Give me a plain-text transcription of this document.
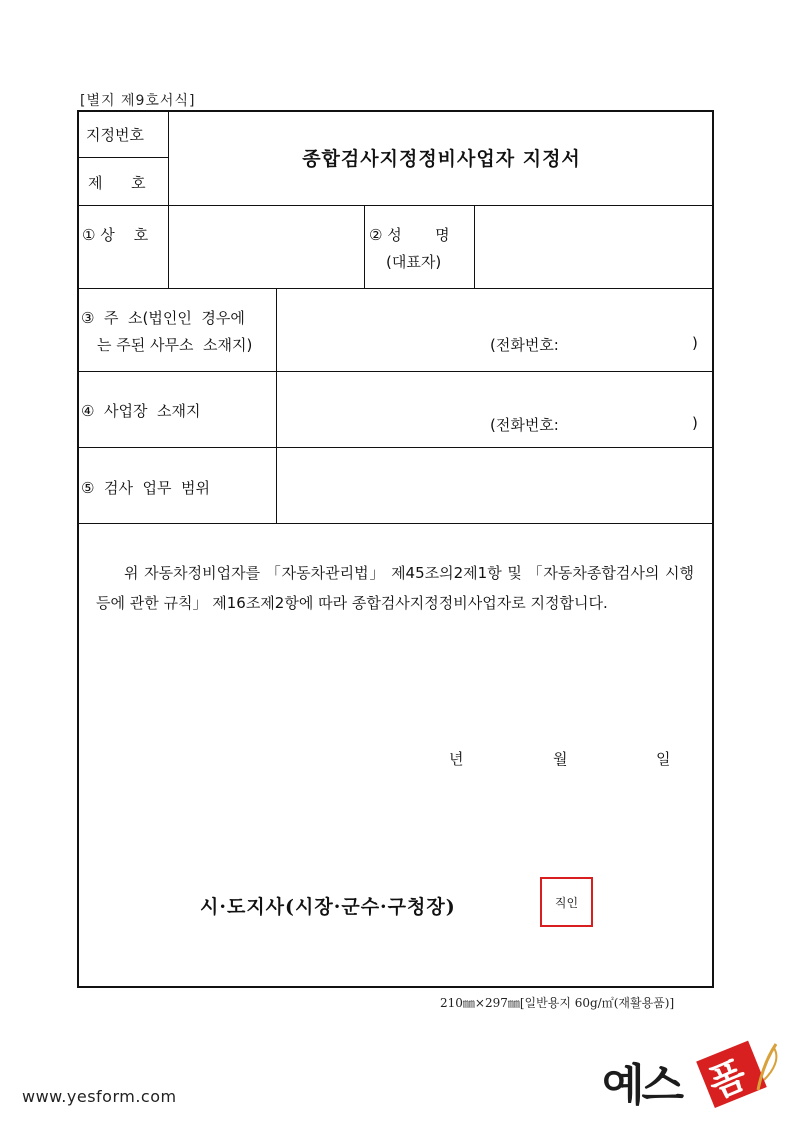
[별지 제9호서식]
지정번호
제      호
종합검사지정정비사업자 지정서
① 상    호	② 성       명
(대표자)
③  주  소(법인인  경우에
는 주된 사무소  소재지)	(전화번호:	)
④  사업장  소재지
(전화번호:	)
⑤  검사  업무  범위
위 자동차정비업자를 「자동차관리법」 제45조의2제1항 및 「자동차종합검사의 시행 등에 관한 규칙」 제16조제2항에 따라 종합검사지정정비사업자로 지정합니다.
년	월	일
시·도지사(시장·군수·구청장)	직인
210㎜×297㎜[일반용지 60g/㎡(재활용품)]
www.yesform.com	예스 폼
예스폼
